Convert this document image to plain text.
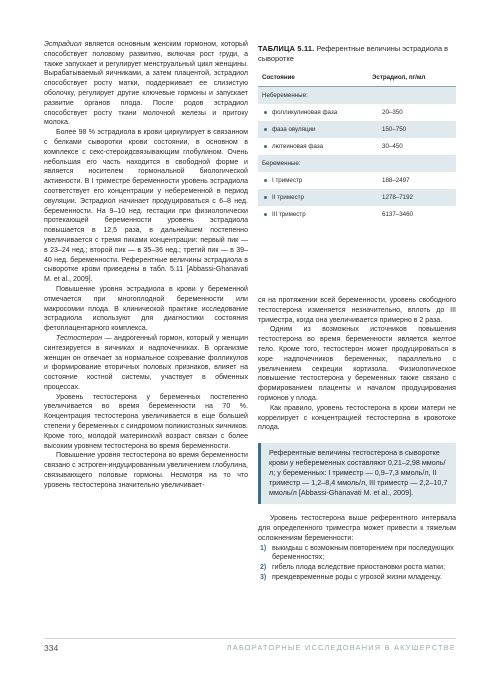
Эстрадиол является основным женским гормоном, который способствует половому развитию, включая рост груди, а также запускает и регулирует менструальный цикл женщины. Вырабатываемый яичниками, а затем плацентой, эстрадиол способствует росту матки, поддерживает ее слизистую оболочку, регулирует другие ключевые гормоны и запускает развитие органов плода. После родов эстрадиол способствует росту ткани молочной железы и притоку молока.

Более 98 % эстрадиола в крови циркулирует в связанном с белками сыворотки крови состоянии, в основном в комплексе с секс-стероидсвязывающим глобулином. Очень небольшая его часть находится в свободной форме и является носителем гормональной биологической активности. В I триместре беременности уровень эстрадиола соответствует его концентрации у небеременной в период овуляции. Эстрадиол начинает продуцироваться с 6–8 нед. беременности. На 9–10 нед. гестации при физиологически протекающей беременности уровень эстрадиола повышается в 12,5 раза, в дальнейшем постепенно увеличивается с тремя пиками концентрации: первый пик — в 23–24 нед.; второй пик — в 35–36 нед.; третий пик — в 39–40 нед. беременности. Референтные величины эстрадиола в сыворотке крови приведены в табл. 5.11 [Abbassi-Ghanavati M. et al., 2009].

Повышение уровня эстрадиола в крови у беременной отмечается при многоплодной беременности или макросомии плода. В клинической практике исследование эстрадиола используют для диагностики состояния фетоплацентарного комплекса.

Тестостерон — андрогенный гормон, который у женщин синтезируется в яичниках и надпочечниках. В организме женщин он отвечает за нормальное созревание фолликулов и формирование вторичных половых признаков, влияет на состояние костной системы, участвует в обменных процессах.

Уровень тестостерона у беременных постепенно увеличивается во время беременности на 70 %. Концентрация тестостерона увеличивается в еще большей степени у беременных с синдромом поликистозных яичников. Кроме того, молодой материнский возраст связан с более высоким уровнем тестостерона во время беременности.

Повышение уровня тестостерона во время беременности связано с эстроген-индуцированным увеличением глобулина, связывающего половые гормоны. Несмотря на то что уровень тестостерона значительно увеличивает-

ТАБЛИЦА 5.11. Референтные величины эстрадиола в сыворотке
Состояние	Эстрадиол, пг/мл
Небеременные:
фолликулиновая фаза	20–350
фаза овуляции	150–750
лютеиновая фаза	30–450
Беременные:
I триместр	188–2497
II триместр	1278–7192
III триместр	6137–3460

ся на протяжении всей беременности, уровень свободного тестостерона изменяется незначительно, вплоть до III триместра, когда она увеличивается примерно в 2 раза.

Одним из возможных источников повышения тестостерона во время беременности является желтое тело. Кроме того, тестостерон может продуцироваться в коре надпочечников беременных, параллельно с увеличением секреции кортизола. Физиологическое повышение тестостерона у беременных также связано с формированием плаценты и началом продуцирования гормонов у плода.

Как правило, уровень тестостерона в крови матери не коррелирует с концентрацией тестостерона в кровотоке плода.

Референтные величины тестостерона в сыворотке крови у небеременных составляют 0,21–2,98 ммоль/л; у беременных: I триместр — 0,9–7,3 ммоль/л, II триместр — 1,2–8,4 ммоль/л, III триместр — 2,2–10,7 ммоль/л [Abbassi-Ghanavati M. et al., 2009].

Уровень тестостерона выше референтного интервала для определенного триместра может привести к тяжелым осложнениям беременности:

1) выкидыш с возможным повторением при последующих беременностях;
2) гибель плода вследствие приостановки роста матки;
3) преждевременные роды с угрозой жизни младенцу.
334	ЛАБОРАТОРНЫЕ ИССЛЕДОВАНИЯ В АКУШЕРСТВЕ
